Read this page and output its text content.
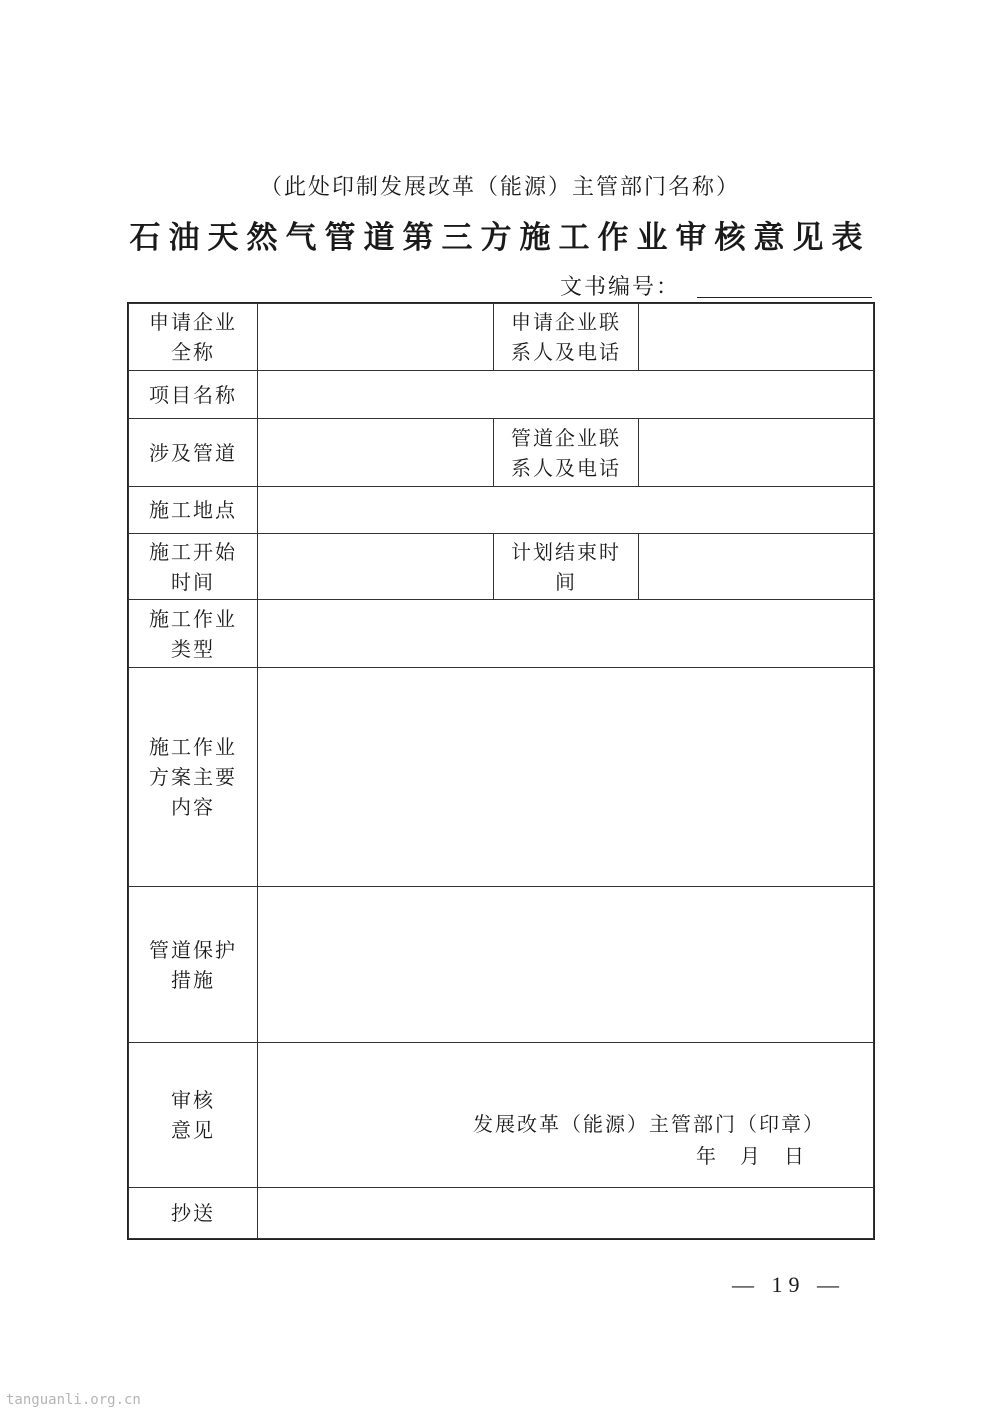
（此处印制发展改革（能源）主管部门名称）
石油天然气管道第三方施工作业审核意见表
文书编号：
申请企业全称		申请企业联系人及电话	

项目名称			
涉及管道		管道企业联系人及电话	

施工地点			

施工开始时间		计划结束时间	

施工作业类型			

施工作业方案主要内容			

管道保护措施			

审核意见	发展改革（能源）主管部门（印章）
年　月　日		

抄送			
— 19 —
tanguanli.org.cn
